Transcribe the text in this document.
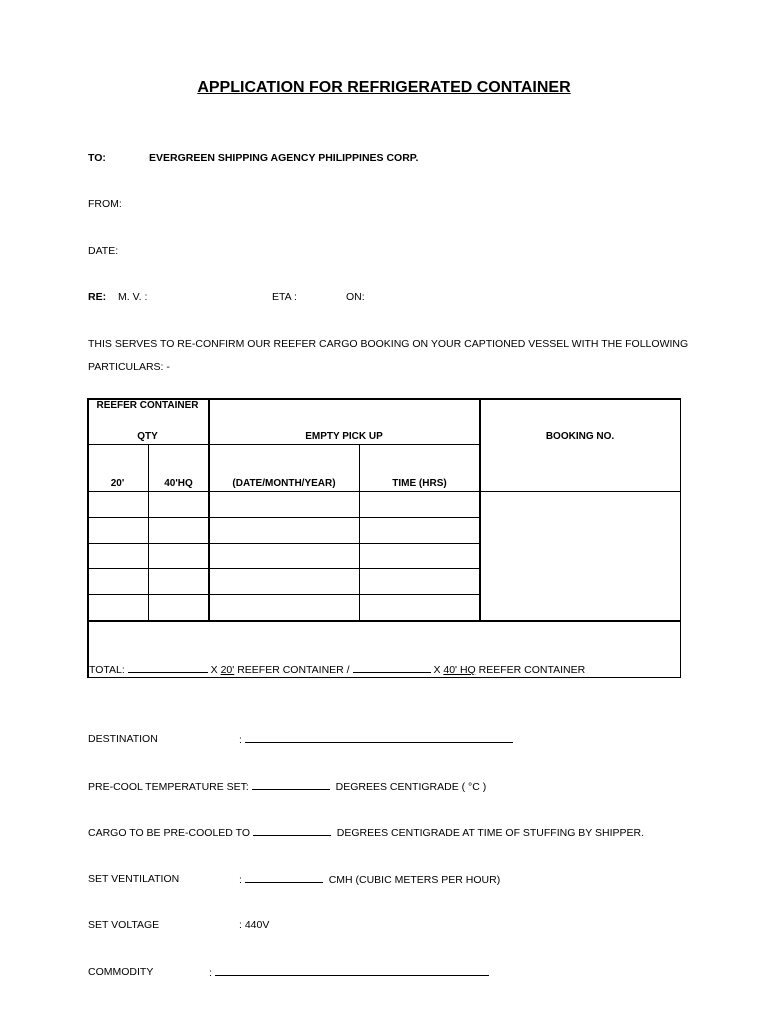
APPLICATION FOR REFRIGERATED CONTAINER
TO:	EVERGREEN SHIPPING AGENCY PHILIPPINES CORP.
FROM:
DATE:
RE: M. V. :	ETA :	ON:
THIS SERVES TO RE-CONFIRM OUR REEFER CARGO BOOKING ON YOUR CAPTIONED VESSEL WITH THE FOLLOWING
PARTICULARS: -
REEFER CONTAINER
QTY	EMPTY PICK UP	BOOKING NO.
20'	40'HQ	(DATE/MONTH/YEAR)	TIME (HRS)
TOTAL:	X 20' REEFER CONTAINER /	X 40' HQ REEFER CONTAINER
DESTINATION	:
PRE-COOL TEMPERATURE SET:	DEGREES CENTIGRADE ( °C )
CARGO TO BE PRE-COOLED TO	DEGREES CENTIGRADE AT TIME OF STUFFING BY SHIPPER.
SET VENTILATION	:	CMH (CUBIC METERS PER HOUR)
SET VOLTAGE	: 440V
COMMODITY	:
